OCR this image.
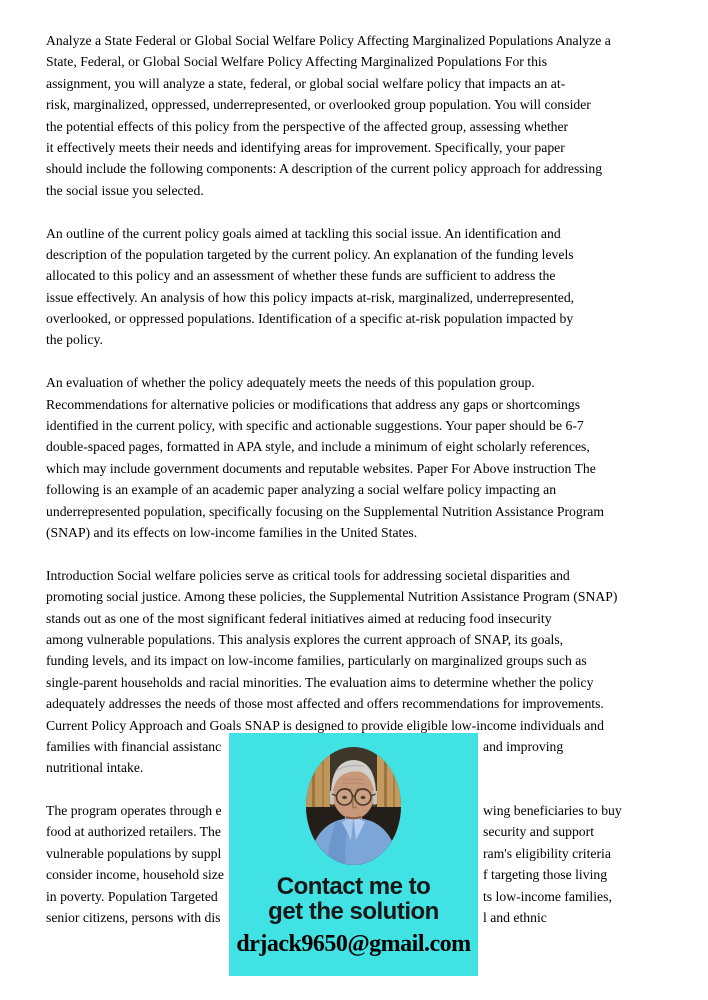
Analyze a State Federal or Global Social Welfare Policy Affecting Marginalized Populations Analyze a
State, Federal, or Global Social Welfare Policy Affecting Marginalized Populations For this
assignment, you will analyze a state, federal, or global social welfare policy that impacts an at-
risk, marginalized, oppressed, underrepresented, or overlooked group population. You will consider
the potential effects of this policy from the perspective of the affected group, assessing whether
it effectively meets their needs and identifying areas for improvement. Specifically, your paper
should include the following components: A description of the current policy approach for addressing
the social issue you selected.
An outline of the current policy goals aimed at tackling this social issue. An identification and
description of the population targeted by the current policy. An explanation of the funding levels
allocated to this policy and an assessment of whether these funds are sufficient to address the
issue effectively. An analysis of how this policy impacts at-risk, marginalized, underrepresented,
overlooked, or oppressed populations. Identification of a specific at-risk population impacted by
the policy.
An evaluation of whether the policy adequately meets the needs of this population group.
Recommendations for alternative policies or modifications that address any gaps or shortcomings
identified in the current policy, with specific and actionable suggestions. Your paper should be 6-7
double-spaced pages, formatted in APA style, and include a minimum of eight scholarly references,
which may include government documents and reputable websites. Paper For Above instruction The
following is an example of an academic paper analyzing a social welfare policy impacting an
underrepresented population, specifically focusing on the Supplemental Nutrition Assistance Program
(SNAP) and its effects on low-income families in the United States.
Introduction Social welfare policies serve as critical tools for addressing societal disparities and
promoting social justice. Among these policies, the Supplemental Nutrition Assistance Program (SNAP)
stands out as one of the most significant federal initiatives aimed at reducing food insecurity
among vulnerable populations. This analysis explores the current approach of SNAP, its goals,
funding levels, and its impact on low-income families, particularly on marginalized groups such as
single-parent households and racial minorities. The evaluation aims to determine whether the policy
adequately addresses the needs of those most affected and offers recommendations for improvements.
Current Policy Approach and Goals SNAP is designed to provide eligible low-income individuals and
families with financial assistanc	and improving
nutritional intake.
The program operates through e	wing beneficiaries to buy
food at authorized retailers. The	security and support
vulnerable populations by suppl	ram's eligibility criteria
consider income, household size	f targeting those living
in poverty. Population Targeted	ts low-income families,
senior citizens, persons with dis	l and ethnic
Contact me to
get the solution
drjack9650@gmail.com
